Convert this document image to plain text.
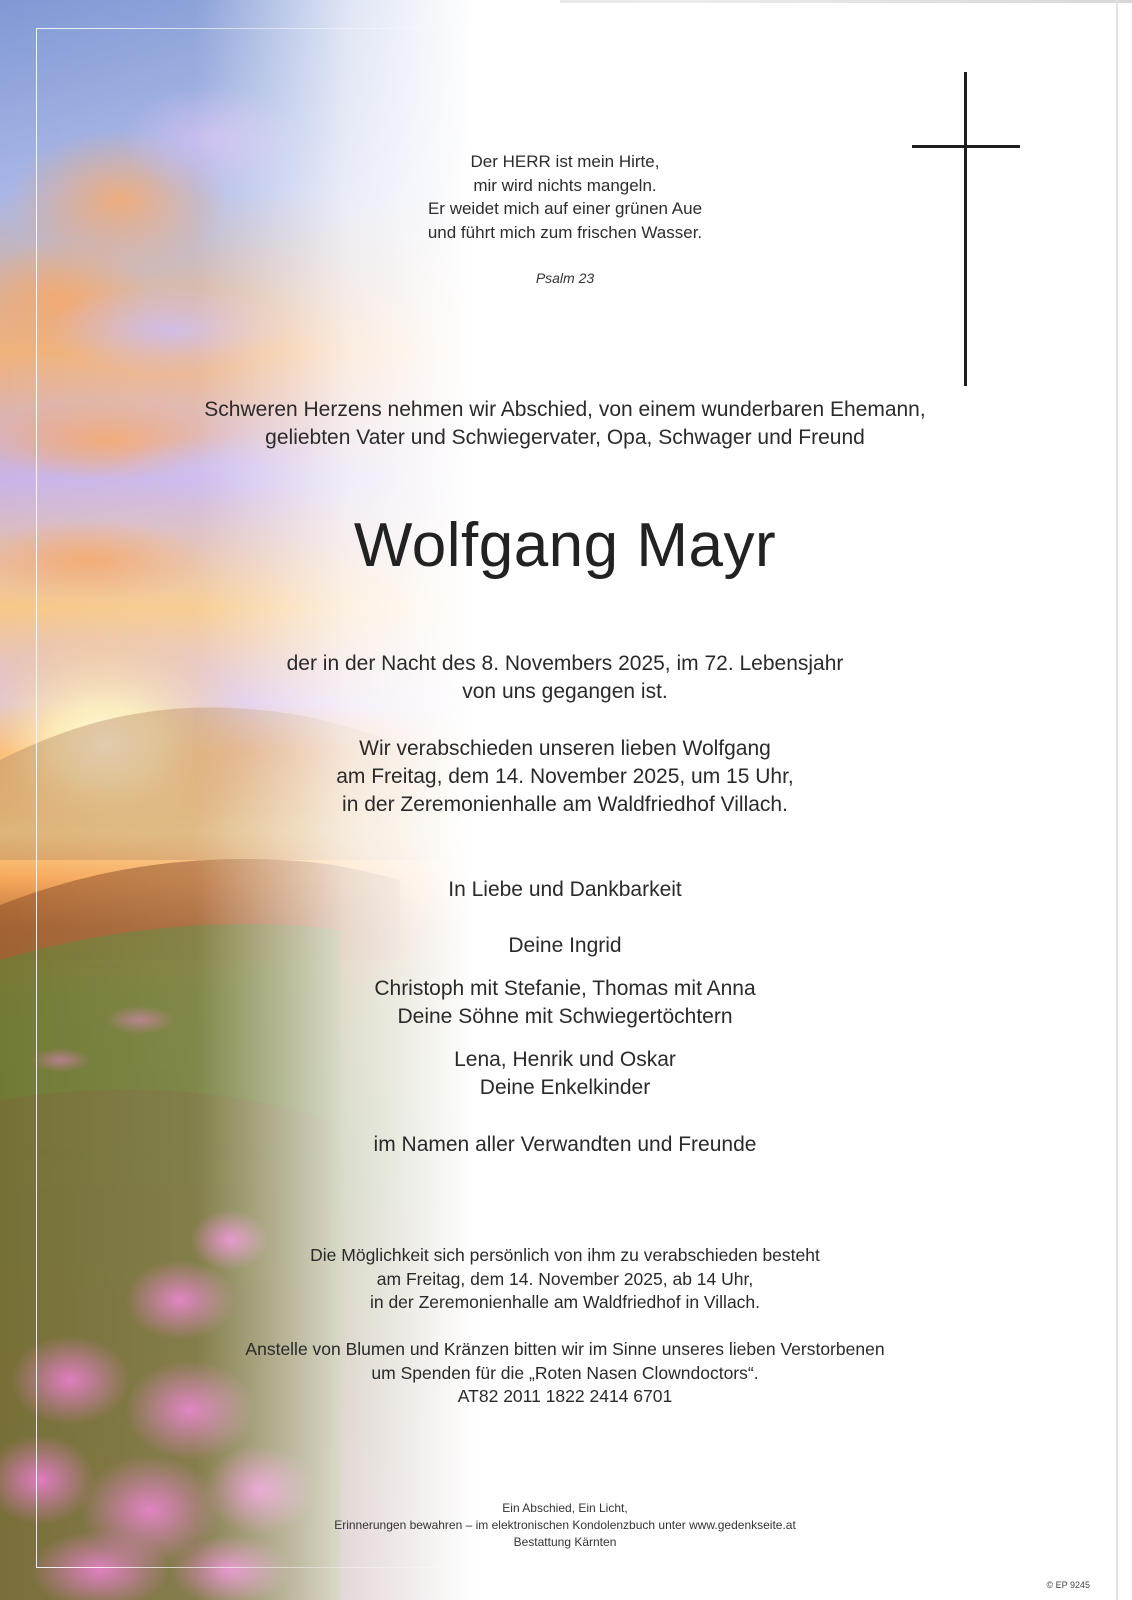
Der HERR ist mein Hirte,
mir wird nichts mangeln.
Er weidet mich auf einer grünen Aue
und führt mich zum frischen Wasser.
Psalm 23
Schweren Herzens nehmen wir Abschied, von einem wunderbaren Ehemann,
geliebten Vater und Schwiegervater, Opa, Schwager und Freund
Wolfgang Mayr
der in der Nacht des 8. Novembers 2025, im 72. Lebensjahr
von uns gegangen ist.
Wir verabschieden unseren lieben Wolfgang
am Freitag, dem 14. November 2025, um 15 Uhr,
in der Zeremonienhalle am Waldfriedhof Villach.
In Liebe und Dankbarkeit
Deine Ingrid
Christoph mit Stefanie, Thomas mit Anna
Deine Söhne mit Schwiegertöchtern
Lena, Henrik und Oskar
Deine Enkelkinder
im Namen aller Verwandten und Freunde
Die Möglichkeit sich persönlich von ihm zu verabschieden besteht
am Freitag, dem 14. November 2025, ab 14 Uhr,
in der Zeremonienhalle am Waldfriedhof in Villach.
Anstelle von Blumen und Kränzen bitten wir im Sinne unseres lieben Verstorbenen
um Spenden für die „Roten Nasen Clowndoctors“.
AT82 2011 1822 2414 6701
Ein Abschied, Ein Licht,
Erinnerungen bewahren – im elektronischen Kondolenzbuch unter www.gedenkseite.at
Bestattung Kärnten
© EP 9245
